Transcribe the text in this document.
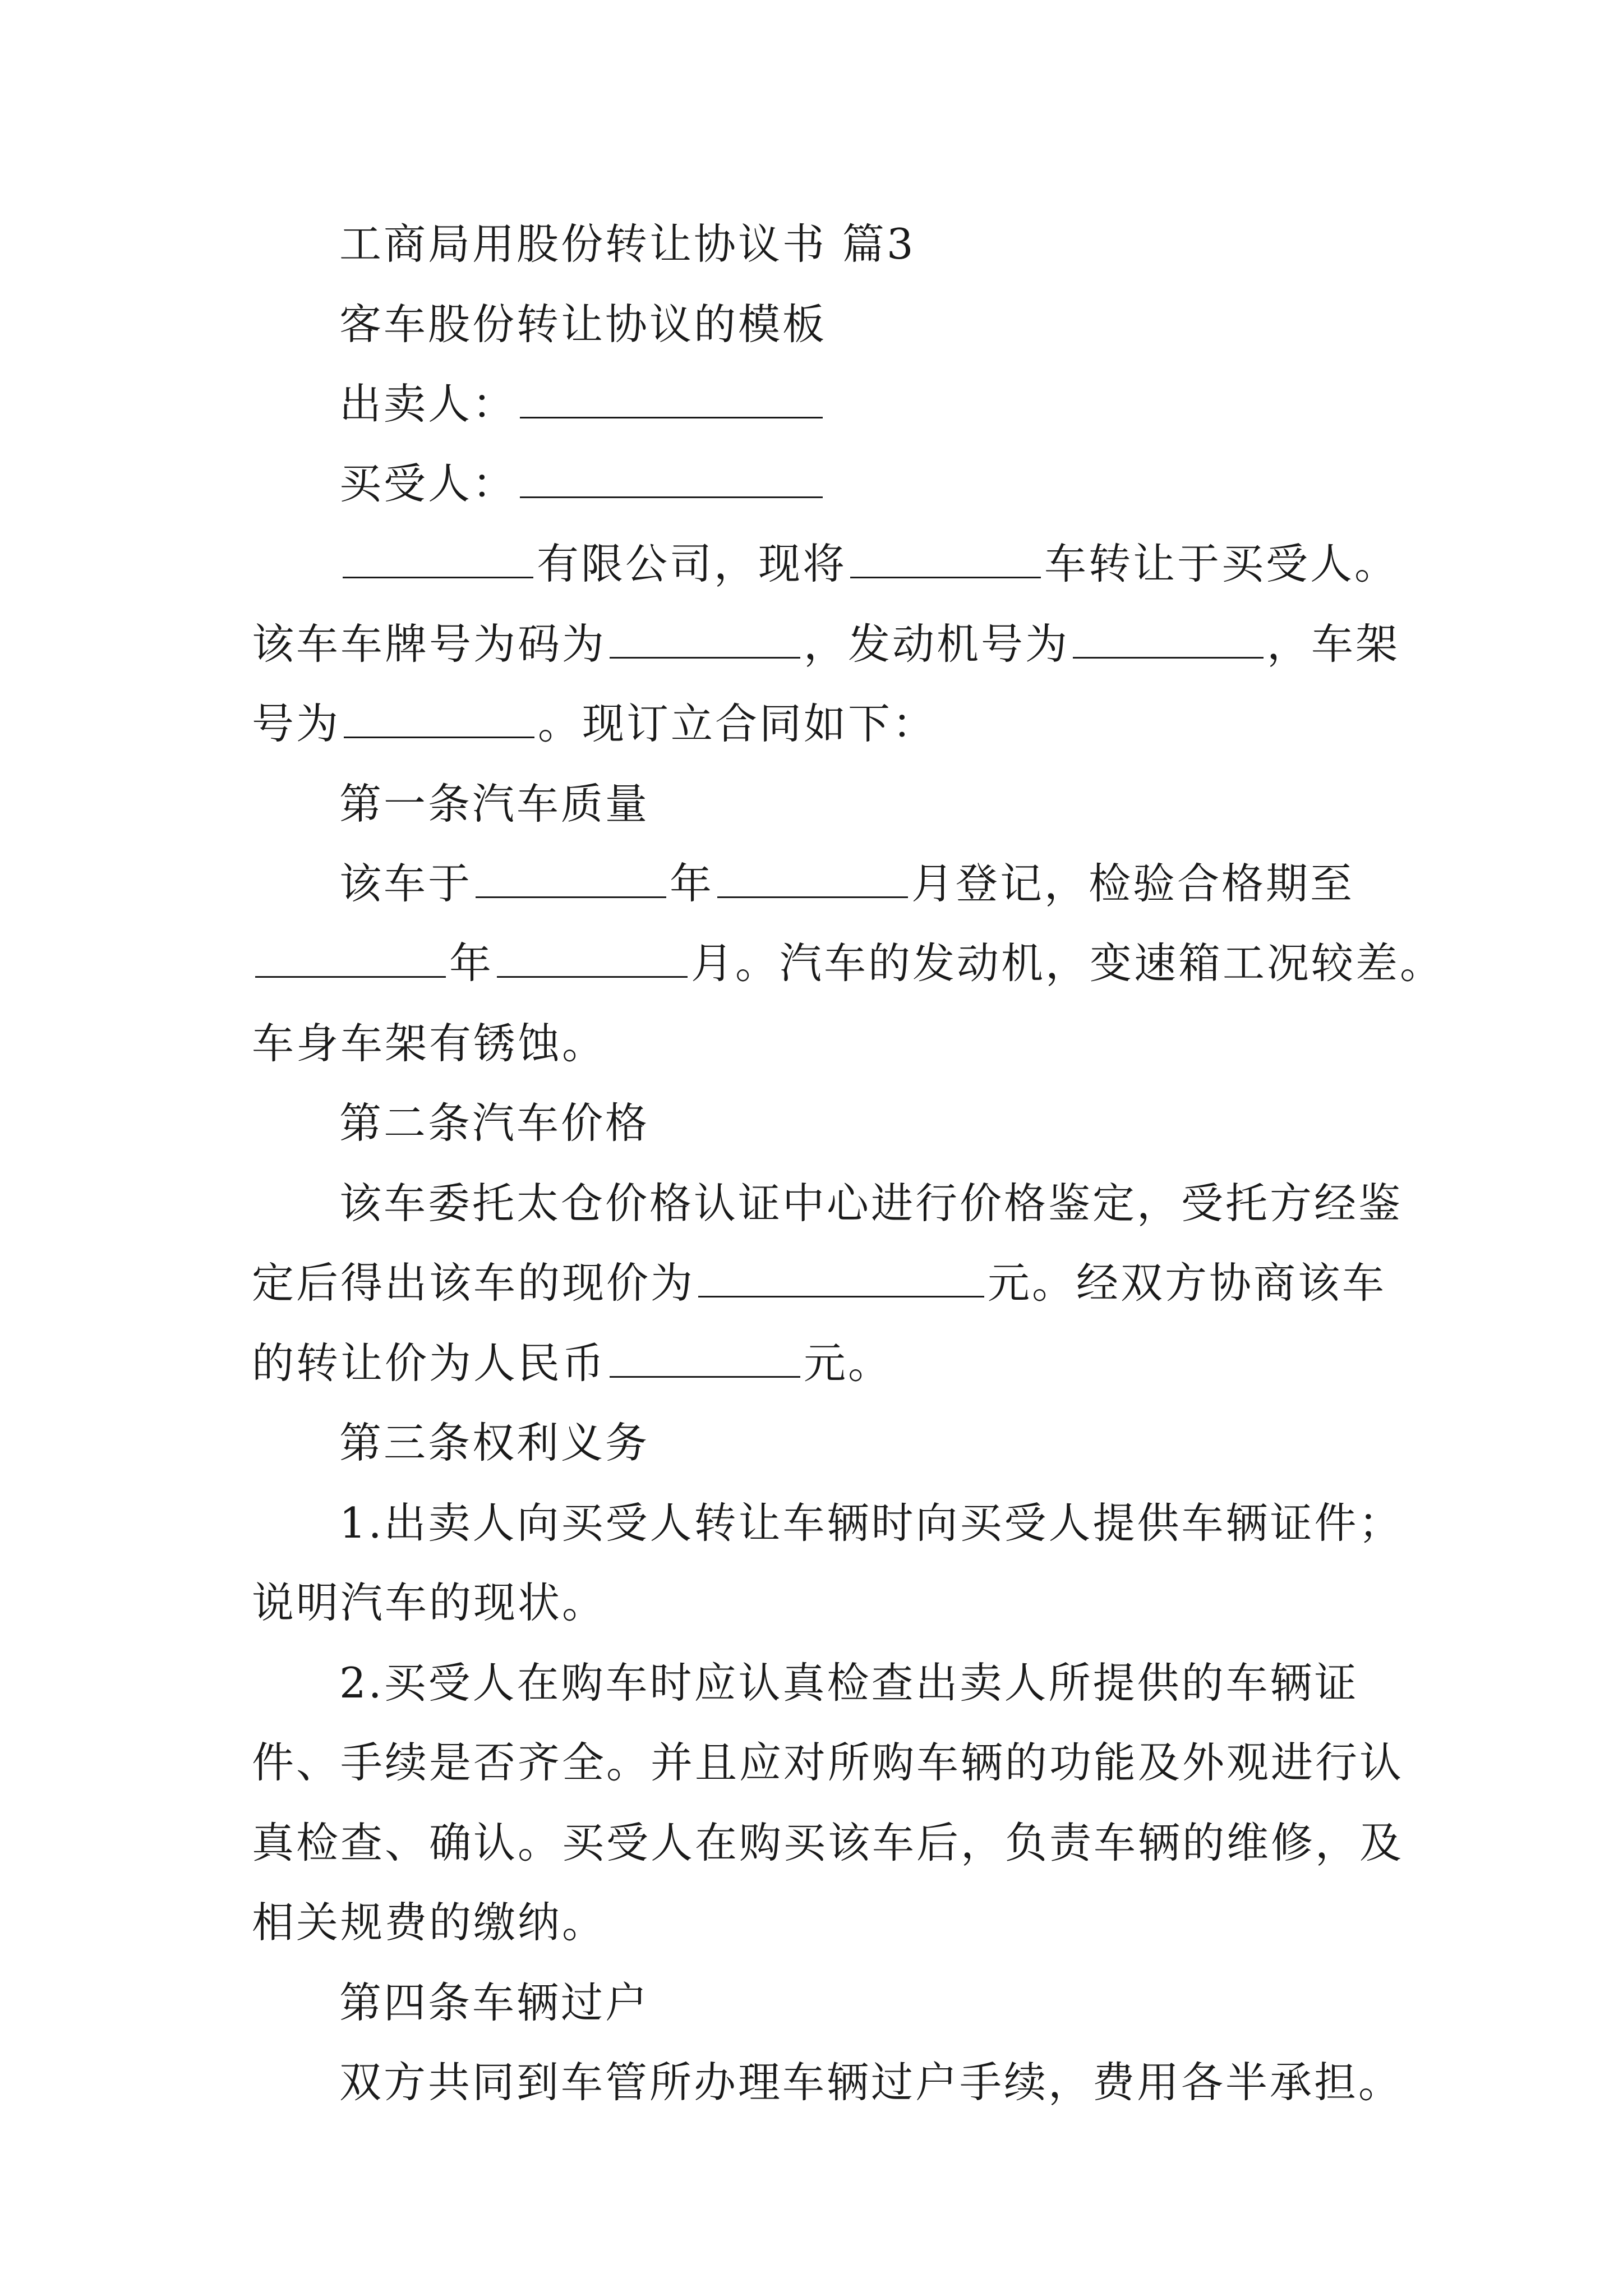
工商局用股份转让协议书 篇3
客车股份转让协议的模板
出卖人：
买受人：
有限公司，现将	车转让于买受人。
该车车牌号为码为	，发动机号为	，车架
号为	。现订立合同如下：
第一条汽车质量
该车于	年	月登记，检验合格期至
年	月。汽车的发动机，变速箱工况较差。
车身车架有锈蚀。
第二条汽车价格
该车委托太仓价格认证中心进行价格鉴定，受托方经鉴
定后得出该车的现价为	元。经双方协商该车
的转让价为人民币	元。
第三条权利义务
1.出卖人向买受人转让车辆时向买受人提供车辆证件；
说明汽车的现状。
2.买受人在购车时应认真检查出卖人所提供的车辆证
件、手续是否齐全。并且应对所购车辆的功能及外观进行认
真检查、确认。买受人在购买该车后，负责车辆的维修，及
相关规费的缴纳。
第四条车辆过户
双方共同到车管所办理车辆过户手续，费用各半承担。
